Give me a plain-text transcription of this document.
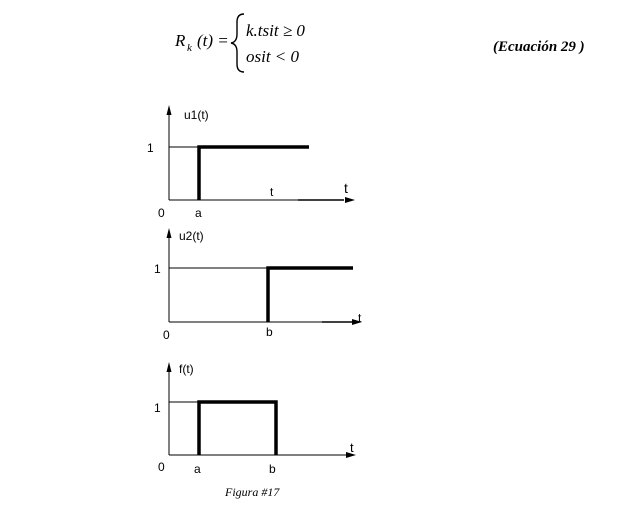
R k (t) =
k.tsit ≥ 0
osit < 0	(Ecuación 29 )
u1(t)
1
0	a
t	t
u2(t)
1
0	b
t
f(t)
1
0 a	b
t
Figura #17
